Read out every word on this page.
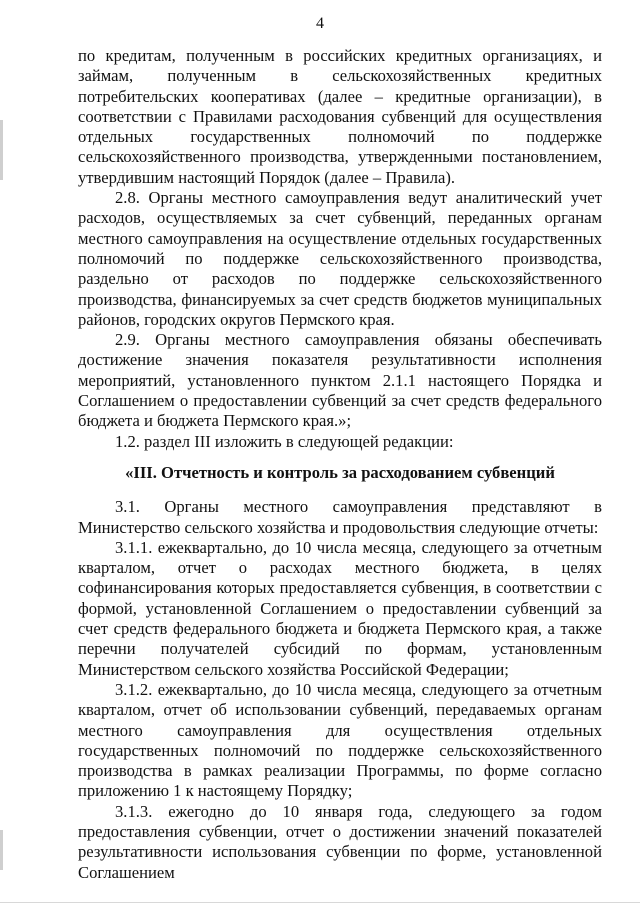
4

по кредитам, полученным в российских кредитных организациях, и займам, полученным в сельскохозяйственных кредитных потребительских кооперативах (далее – кредитные организации), в соответствии с Правилами расходования субвенций для осуществления отдельных государственных полномочий по поддержке сельскохозяйственного производства, утвержденными постановлением, утвердившим настоящий Порядок (далее – Правила).

2.8. Органы местного самоуправления ведут аналитический учет расходов, осуществляемых за счет субвенций, переданных органам местного самоуправления на осуществление отдельных государственных полномочий по поддержке сельскохозяйственного производства, раздельно от расходов по поддержке сельскохозяйственного производства, финансируемых за счет средств бюджетов муниципальных районов, городских округов Пермского края.

2.9. Органы местного самоуправления обязаны обеспечивать достижение значения показателя результативности исполнения мероприятий, установленного пунктом 2.1.1 настоящего Порядка и Соглашением о предоставлении субвенций за счет средств федерального бюджета и бюджета Пермского края.»;

1.2. раздел III изложить в следующей редакции:

«III. Отчетность и контроль за расходованием субвенций

3.1. Органы местного самоуправления представляют в Министерство сельского хозяйства и продовольствия следующие отчеты:

3.1.1. ежеквартально, до 10 числа месяца, следующего за отчетным кварталом, отчет о расходах местного бюджета, в целях софинансирования которых предоставляется субвенция, в соответствии с формой, установленной Соглашением о предоставлении субвенций за счет средств федерального бюджета и бюджета Пермского края, а также перечни получателей субсидий по формам, установленным Министерством сельского хозяйства Российской Федерации;

3.1.2. ежеквартально, до 10 числа месяца, следующего за отчетным кварталом, отчет об использовании субвенций, передаваемых органам местного самоуправления для осуществления отдельных государственных полномочий по поддержке сельскохозяйственного производства в рамках реализации Программы, по форме согласно приложению 1 к настоящему Порядку;

3.1.3. ежегодно до 10 января года, следующего за годом предоставления субвенции, отчет о достижении значений показателей результативности использования субвенции по форме, установленной Соглашением
